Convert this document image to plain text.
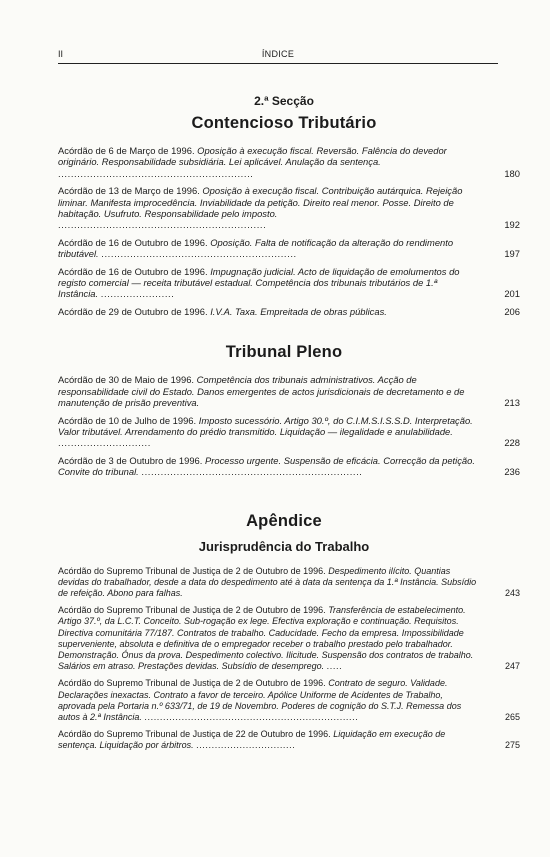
II	ÍNDICE
2.ª Secção
Contencioso Tributário
Acórdão de 6 de Março de 1996. Oposição à execução fiscal. Reversão. Falência do devedor originário. Responsabilidade subsidiária. Lei aplicável. Anulação da sentença. .............................................................	180
Acórdão de 13 de Março de 1996. Oposição à execução fiscal. Contribuição autárquica. Rejeição liminar. Manifesta improcedência. Inviabilidade da petição. Direito real menor. Posse. Direito de habitação. Usufruto. Responsabilidade pelo imposto. .................................................................	192
Acórdão de 16 de Outubro de 1996. Oposição. Falta de notificação da alteração do rendimento tributável. .............................................................	197
Acórdão de 16 de Outubro de 1996. Impugnação judicial. Acto de liquidação de emolumentos do registo comercial — receita tributável estadual. Competência dos tribunais tributários de 1.ª Instância. .......................	201
Acórdão de 29 de Outubro de 1996. I.V.A. Taxa. Empreitada de obras públicas.	206
Tribunal Pleno
Acórdão de 30 de Maio de 1996. Competência dos tribunais administrativos. Acção de responsabilidade civil do Estado. Danos emergentes de actos jurisdicionais de decretamento e de manutenção de prisão preventiva.	213
Acórdão de 10 de Julho de 1996. Imposto sucessório. Artigo 30.º, do C.I.M.S.I.S.S.D. Interpretação. Valor tributável. Arrendamento do prédio transmitido. Liquidação — ilegalidade e anulabilidade. .............................	228
Acórdão de 3 de Outubro de 1996. Processo urgente. Suspensão de eficácia. Correcção da petição. Convite do tribunal. .....................................................................	236
Apêndice
Jurisprudência do Trabalho
Acórdão do Supremo Tribunal de Justiça de 2 de Outubro de 1996. Despedimento ilícito. Quantias devidas do trabalhador, desde a data do despedimento até à data da sentença da 1.ª Instância. Subsídio de refeição. Abono para falhas.	243
Acórdão do Supremo Tribunal de Justiça de 2 de Outubro de 1996. Transferência de estabelecimento. Artigo 37.º, da L.C.T. Conceito. Sub-rogação ex lege. Efectiva exploração e continuação. Requisitos. Directiva comunitária 77/187. Contratos de trabalho. Caducidade. Fecho da empresa. Impossibilidade superveniente, absoluta e definitiva de o empregador receber o trabalho prestado pelo trabalhador. Demonstração. Ónus da prova. Despedimento colectivo. Ilicitude. Suspensão dos contratos de trabalho. Salários em atraso. Prestações devidas. Subsídio de desemprego. .....	247
Acórdão do Supremo Tribunal de Justiça de 2 de Outubro de 1996. Contrato de seguro. Validade. Declarações inexactas. Contrato a favor de terceiro. Apólice Uniforme de Acidentes de Trabalho, aprovada pela Portaria n.º 633/71, de 19 de Novembro. Poderes de cognição do S.T.J. Remessa dos autos à 2.ª Instância. .....................................................................	265
Acórdão do Supremo Tribunal de Justiça de 22 de Outubro de 1996. Liquidação em execução de sentença. Liquidação por árbitros. ................................	275
